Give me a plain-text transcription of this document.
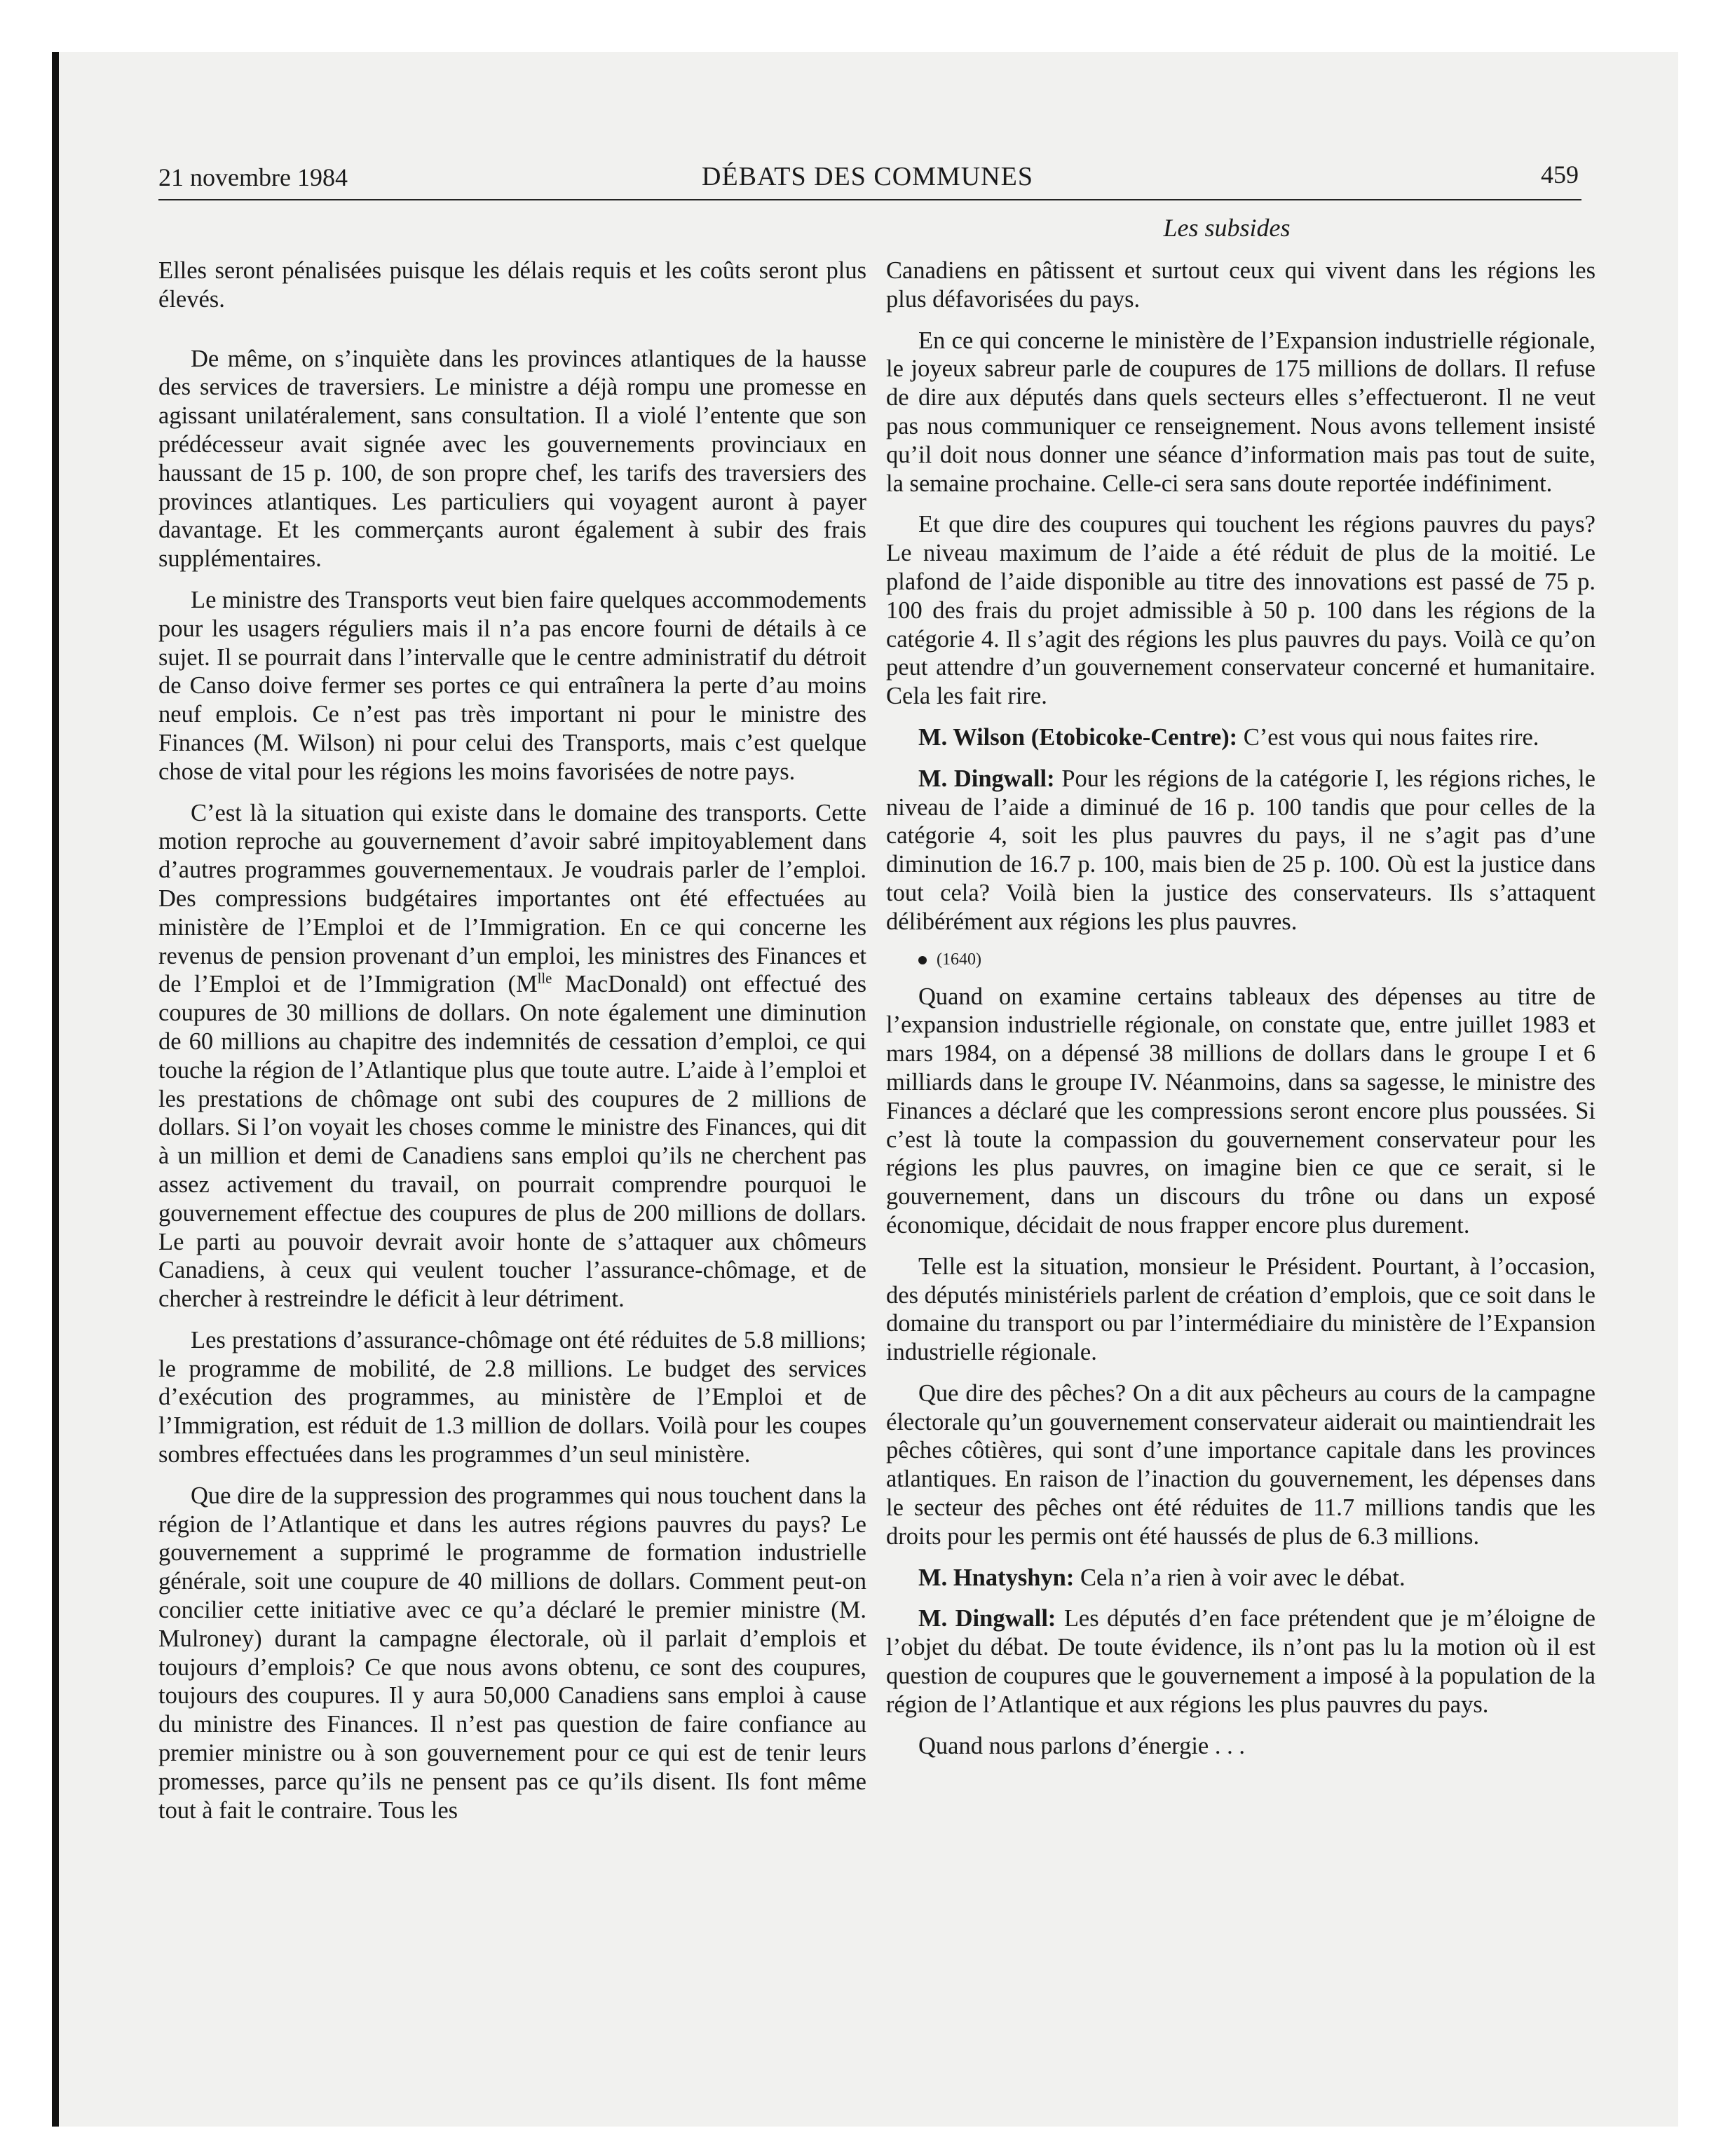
21 novembre 1984	DÉBATS DES COMMUNES	459
Les subsides

Elles seront pénalisées puisque les délais requis et les coûts seront plus élevés.

De même, on s’inquiète dans les provinces atlantiques de la hausse des services de traversiers. Le ministre a déjà rompu une promesse en agissant unilatéralement, sans consultation. Il a violé l’entente que son prédécesseur avait signée avec les gouvernements provinciaux en haussant de 15 p. 100, de son propre chef, les tarifs des traversiers des provinces atlantiques. Les particuliers qui voyagent auront à payer davantage. Et les commerçants auront également à subir des frais supplémentaires.

Le ministre des Transports veut bien faire quelques accommodements pour les usagers réguliers mais il n’a pas encore fourni de détails à ce sujet. Il se pourrait dans l’intervalle que le centre administratif du détroit de Canso doive fermer ses portes ce qui entraînera la perte d’au moins neuf emplois. Ce n’est pas très important ni pour le ministre des Finances (M. Wilson) ni pour celui des Transports, mais c’est quelque chose de vital pour les régions les moins favorisées de notre pays.

C’est là la situation qui existe dans le domaine des transports. Cette motion reproche au gouvernement d’avoir sabré impitoyablement dans d’autres programmes gouvernementaux. Je voudrais parler de l’emploi. Des compressions budgétaires importantes ont été effectuées au ministère de l’Emploi et de l’Immigration. En ce qui concerne les revenus de pension provenant d’un emploi, les ministres des Finances et de l’Emploi et de l’Immigration ($M^{lle}$ MacDonald) ont effectué des coupures de 30 millions de dollars. On note également une diminution de 60 millions au chapitre des indemnités de cessation d’emploi, ce qui touche la région de l’Atlantique plus que toute autre. L’aide à l’emploi et les prestations de chômage ont subi des coupures de 2 millions de dollars. Si l’on voyait les choses comme le ministre des Finances, qui dit à un million et demi de Canadiens sans emploi qu’ils ne cherchent pas assez activement du travail, on pourrait comprendre pourquoi le gouvernement effectue des coupures de plus de 200 millions de dollars. Le parti au pouvoir devrait avoir honte de s’attaquer aux chômeurs Canadiens, à ceux qui veulent toucher l’assurance-chômage, et de chercher à restreindre le déficit à leur détriment.

Les prestations d’assurance-chômage ont été réduites de 5.8 millions; le programme de mobilité, de 2.8 millions. Le budget des services d’exécution des programmes, au ministère de l’Emploi et de l’Immigration, est réduit de 1.3 million de dollars. Voilà pour les coupes sombres effectuées dans les programmes d’un seul ministère.

Que dire de la suppression des programmes qui nous touchent dans la région de l’Atlantique et dans les autres régions pauvres du pays? Le gouvernement a supprimé le programme de formation industrielle générale, soit une coupure de 40 millions de dollars. Comment peut-on concilier cette initiative avec ce qu’a déclaré le premier ministre (M. Mulroney) durant la campagne électorale, où il parlait d’emplois et toujours d’emplois? Ce que nous avons obtenu, ce sont des coupures, toujours des coupures. Il y aura 50,000 Canadiens sans emploi à cause du ministre des Finances. Il n’est pas question de faire confiance au premier ministre ou à son gouvernement pour ce qui est de tenir leurs promesses, parce qu’ils ne pensent pas ce qu’ils disent. Ils font même tout à fait le contraire. Tous les

Canadiens en pâtissent et surtout ceux qui vivent dans les régions les plus défavorisées du pays.

En ce qui concerne le ministère de l’Expansion industrielle régionale, le joyeux sabreur parle de coupures de 175 millions de dollars. Il refuse de dire aux députés dans quels secteurs elles s’effectueront. Il ne veut pas nous communiquer ce renseignement. Nous avons tellement insisté qu’il doit nous donner une séance d’information mais pas tout de suite, la semaine prochaine. Celle-ci sera sans doute reportée indéfiniment.

Et que dire des coupures qui touchent les régions pauvres du pays? Le niveau maximum de l’aide a été réduit de plus de la moitié. Le plafond de l’aide disponible au titre des innovations est passé de 75 p. 100 des frais du projet admissible à 50 p. 100 dans les régions de la catégorie 4. Il s’agit des régions les plus pauvres du pays. Voilà ce qu’on peut attendre d’un gouvernement conservateur concerné et humanitaire. Cela les fait rire.

M. Wilson (Etobicoke-Centre): C’est vous qui nous faites rire.

M. Dingwall: Pour les régions de la catégorie I, les régions riches, le niveau de l’aide a diminué de 16 p. 100 tandis que pour celles de la catégorie 4, soit les plus pauvres du pays, il ne s’agit pas d’une diminution de 16.7 p. 100, mais bien de 25 p. 100. Où est la justice dans tout cela? Voilà bien la justice des conservateurs. Ils s’attaquent délibérément aux régions les plus pauvres.

(1640)

Quand on examine certains tableaux des dépenses au titre de l’expansion industrielle régionale, on constate que, entre juillet 1983 et mars 1984, on a dépensé 38 millions de dollars dans le groupe I et 6 milliards dans le groupe IV. Néanmoins, dans sa sagesse, le ministre des Finances a déclaré que les compressions seront encore plus poussées. Si c’est là toute la compassion du gouvernement conservateur pour les régions les plus pauvres, on imagine bien ce que ce serait, si le gouvernement, dans un discours du trône ou dans un exposé économique, décidait de nous frapper encore plus durement.

Telle est la situation, monsieur le Président. Pourtant, à l’occasion, des députés ministériels parlent de création d’emplois, que ce soit dans le domaine du transport ou par l’intermédiaire du ministère de l’Expansion industrielle régionale.

Que dire des pêches? On a dit aux pêcheurs au cours de la campagne électorale qu’un gouvernement conservateur aiderait ou maintiendrait les pêches côtières, qui sont d’une importance capitale dans les provinces atlantiques. En raison de l’inaction du gouvernement, les dépenses dans le secteur des pêches ont été réduites de 11.7 millions tandis que les droits pour les permis ont été haussés de plus de 6.3 millions.

M. Hnatyshyn: Cela n’a rien à voir avec le débat.

M. Dingwall: Les députés d’en face prétendent que je m’éloigne de l’objet du débat. De toute évidence, ils n’ont pas lu la motion où il est question de coupures que le gouvernement a imposé à la population de la région de l’Atlantique et aux régions les plus pauvres du pays.

Quand nous parlons d’énergie . . .
